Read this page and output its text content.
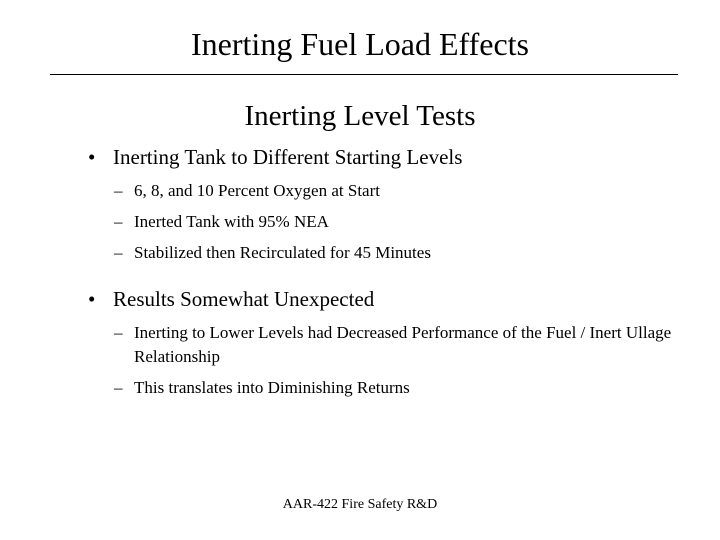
Inerting Fuel Load Effects
Inerting Level Tests
• Inerting Tank to Different Starting Levels
– 6, 8, and 10 Percent Oxygen at Start
– Inerted Tank with 95% NEA
– Stabilized then Recirculated for 45 Minutes
• Results Somewhat Unexpected
– Inerting to Lower Levels had Decreased Performance of the Fuel / Inert Ullage Relationship
– This translates into Diminishing Returns
AAR-422 Fire Safety R&D
